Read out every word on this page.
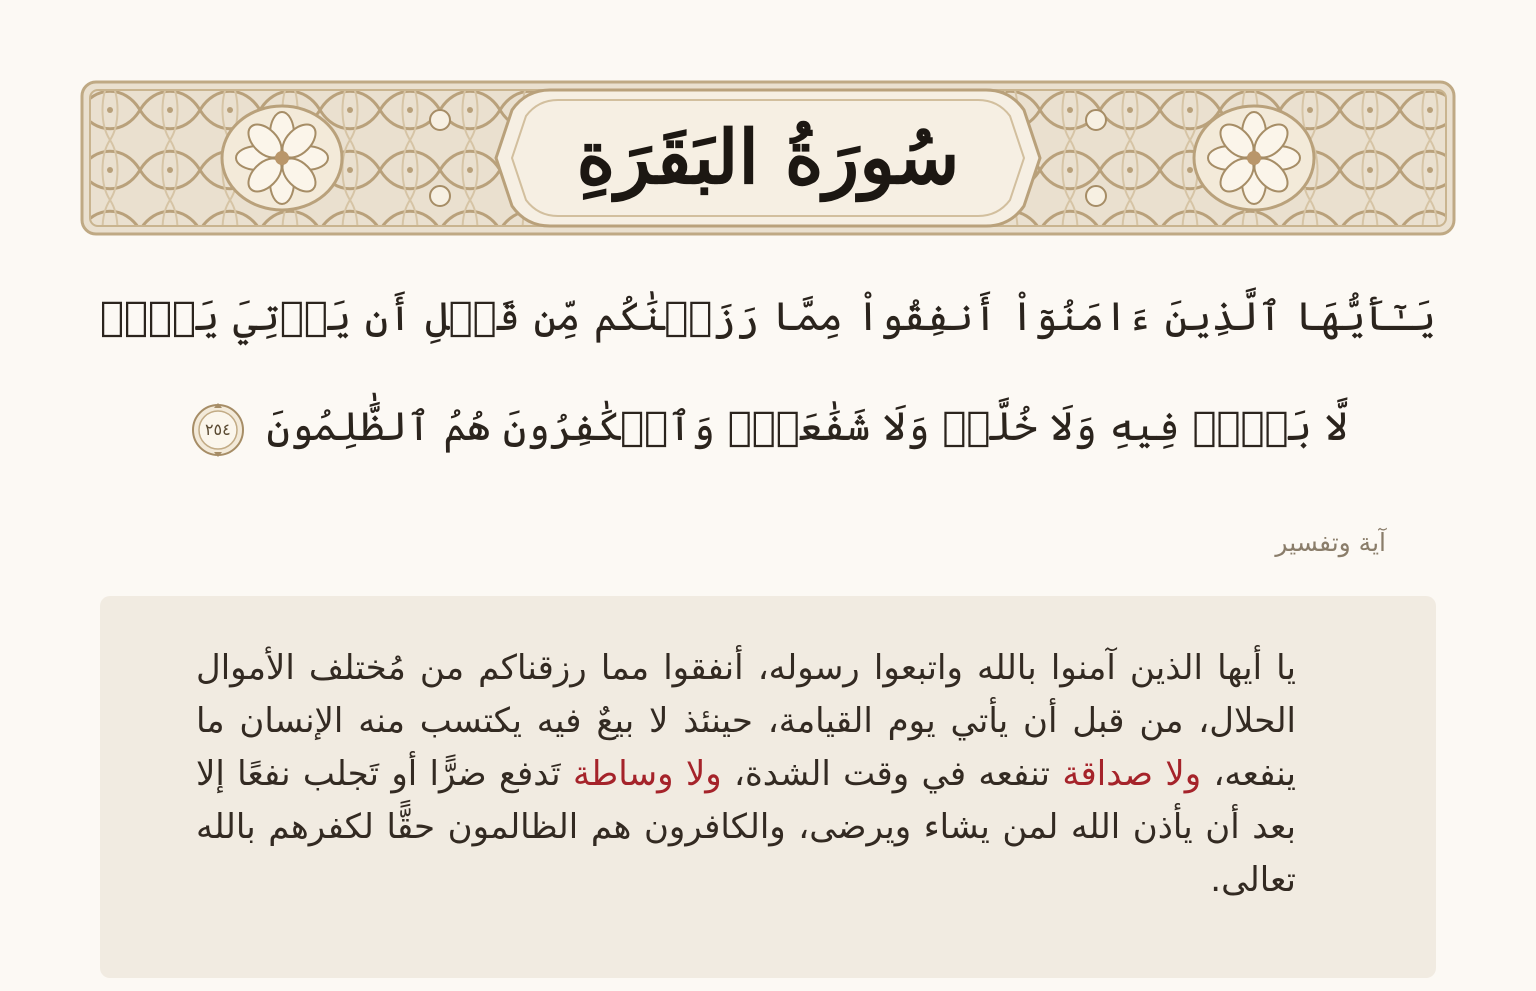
سُورَةُ البَقَرَةِ
يَـٰٓأَيُّهَا ٱلَّذِينَ ءَامَنُوٓاْ أَنفِقُواْ مِمَّا رَزَقۡنَٰكُم مِّن قَبۡلِ أَن يَأۡتِيَ يَوۡمٞ لَّا بَيۡعٞ فِيهِ وَلَا خُلَّةٞ وَلَا شَفَٰعَةٞۗ وَٱلۡكَٰفِرُونَ هُمُ ٱلظَّٰلِمُونَ
٢٥٤
آية وتفسير
يا أيها الذين آمنوا بالله واتبعوا رسوله، أنفقوا مما رزقناكم من مُختلف الأموال الحلال، من قبل أن يأتي يوم القيامة، حينئذ لا بيعٌ فيه يكتسب منه الإنسان ما ينفعه، ولا صداقة تنفعه في وقت الشدة، ولا وساطة تَدفع ضرًّا أو تَجلب نفعًا إلا بعد أن يأذن الله لمن يشاء ويرضى، والكافرون هم الظالمون حقًّا لكفرهم بالله تعالى.
